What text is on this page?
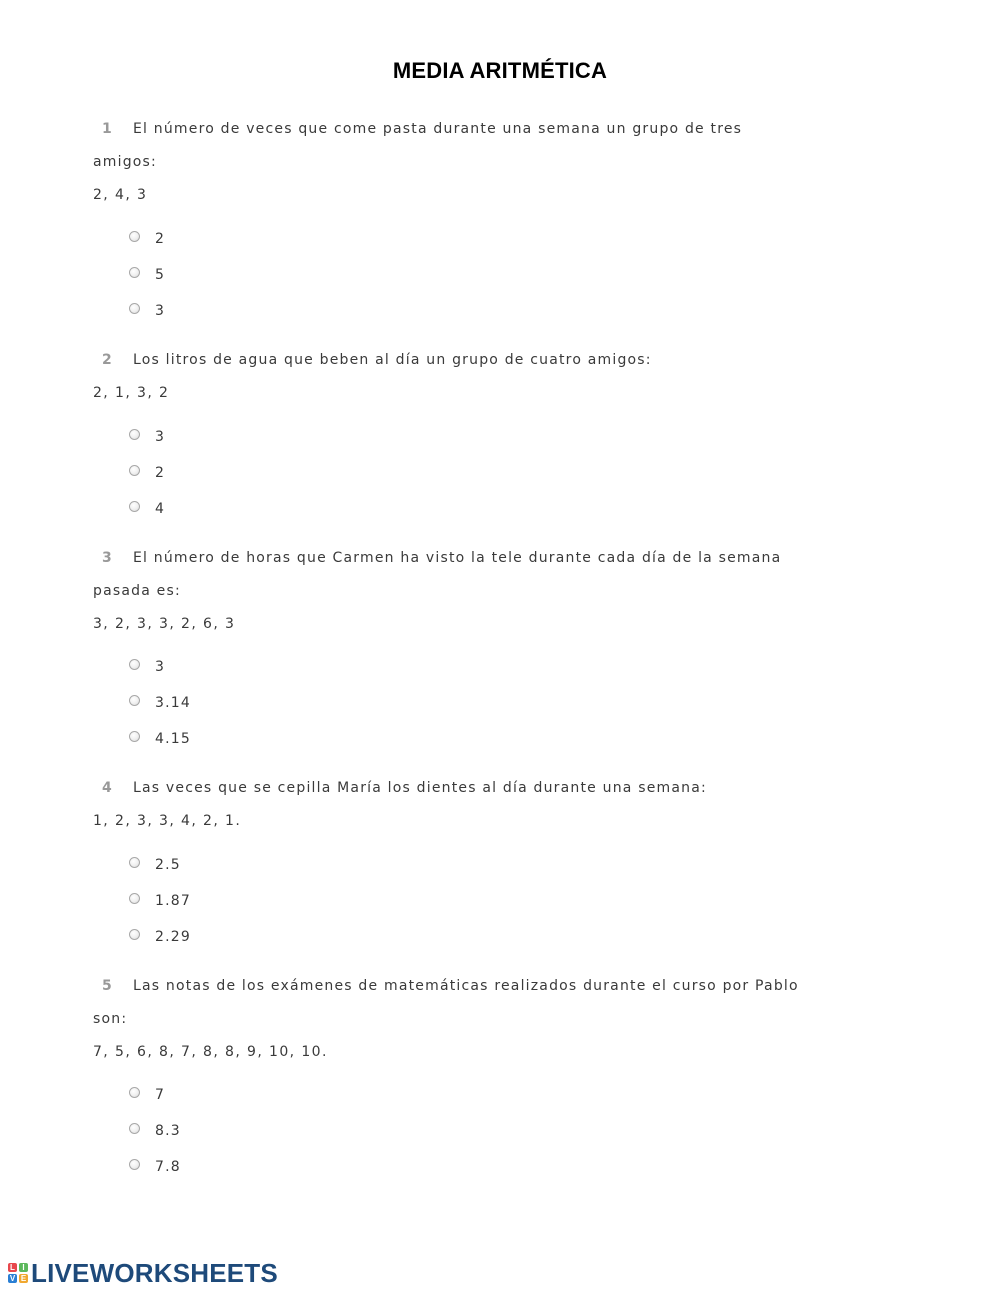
MEDIA ARITMÉTICA
1 El número de veces que come pasta durante una semana un grupo de tres
amigos:
2, 4, 3
2
5
3
2 Los litros de agua que beben al día un grupo de cuatro amigos:
2, 1, 3, 2
3
2
4
3 El número de horas que Carmen ha visto la tele durante cada día de la semana
pasada es:
3, 2, 3, 3, 2, 6, 3
3
3.14
4.15
4 Las veces que se cepilla María los dientes al día durante una semana:
1, 2, 3, 3, 4, 2, 1.
2.5
1.87
2.29
5 Las notas de los exámenes de matemáticas realizados durante el curso por Pablo
son:
7, 5, 6, 8, 7, 8, 8, 9, 10, 10.
7
8.3
7.8
L I
V E LIVEWORKSHEETS
